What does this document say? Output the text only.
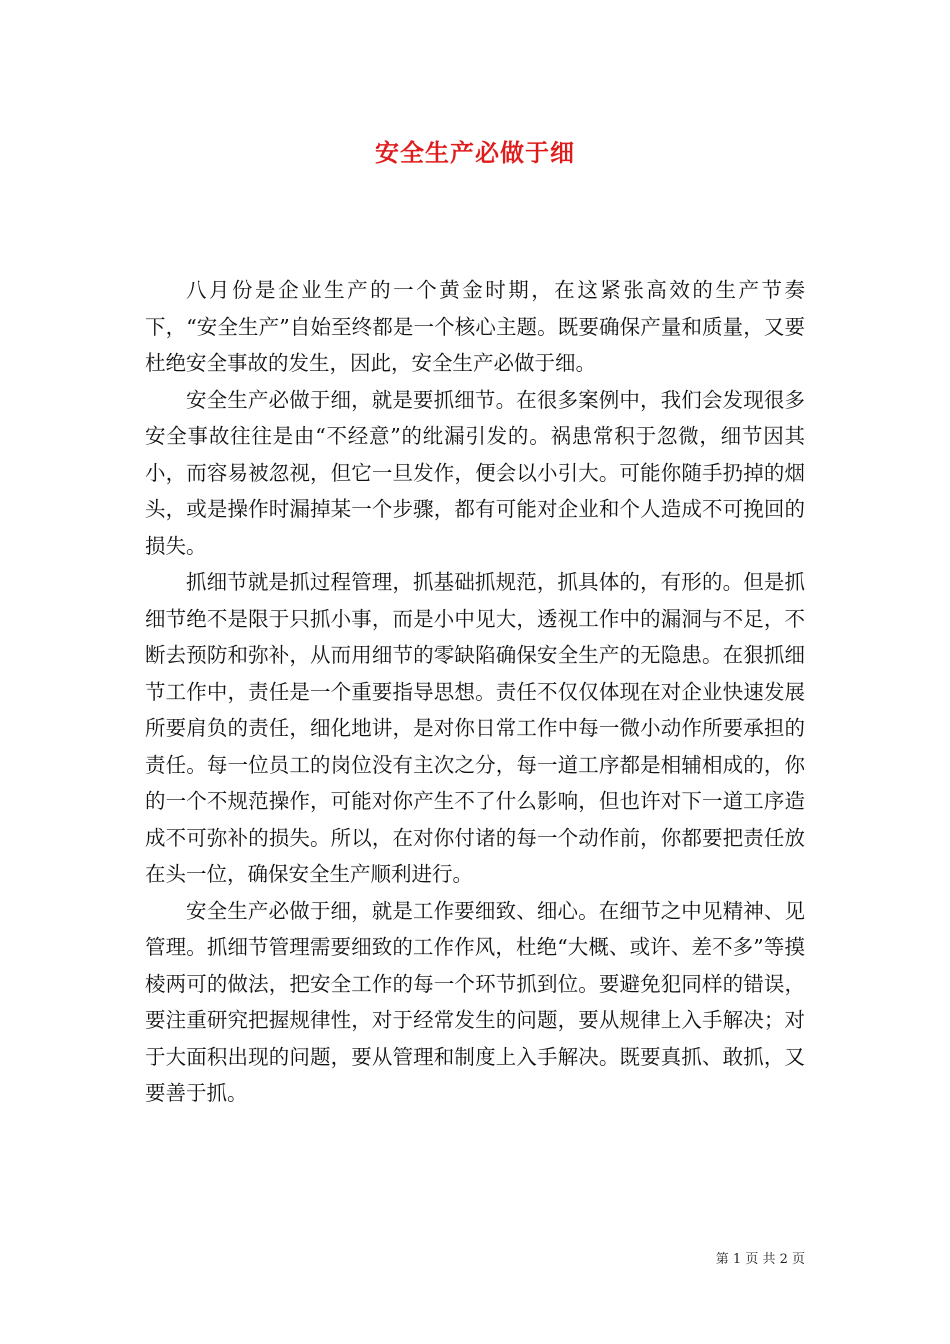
安全生产必做于细

八月份是企业生产的一个黄金时期，在这紧张高效的生产节奏下，“安全生产”自始至终都是一个核心主题。既要确保产量和质量，又要杜绝安全事故的发生，因此，安全生产必做于细。

安全生产必做于细，就是要抓细节。在很多案例中，我们会发现很多安全事故往往是由“不经意”的纰漏引发的。祸患常积于忽微，细节因其小，而容易被忽视，但它一旦发作，便会以小引大。可能你随手扔掉的烟头，或是操作时漏掉某一个步骤，都有可能对企业和个人造成不可挽回的损失。

抓细节就是抓过程管理，抓基础抓规范，抓具体的，有形的。但是抓细节绝不是限于只抓小事，而是小中见大，透视工作中的漏洞与不足，不断去预防和弥补，从而用细节的零缺陷确保安全生产的无隐患。在狠抓细节工作中，责任是一个重要指导思想。责任不仅仅体现在对企业快速发展所要肩负的责任，细化地讲，是对你日常工作中每一微小动作所要承担的责任。每一位员工的岗位没有主次之分，每一道工序都是相辅相成的，你的一个不规范操作，可能对你产生不了什么影响，但也许对下一道工序造成不可弥补的损失。所以，在对你付诸的每一个动作前，你都要把责任放在头一位，确保安全生产顺利进行。

安全生产必做于细，就是工作要细致、细心。在细节之中见精神、见管理。抓细节管理需要细致的工作作风，杜绝“大概、或许、差不多”等摸棱两可的做法，把安全工作的每一个环节抓到位。要避免犯同样的错误，要注重研究把握规律性，对于经常发生的问题，要从规律上入手解决；对于大面积出现的问题，要从管理和制度上入手解决。既要真抓、敢抓，又要善于抓。

第 1 页 共 2 页
